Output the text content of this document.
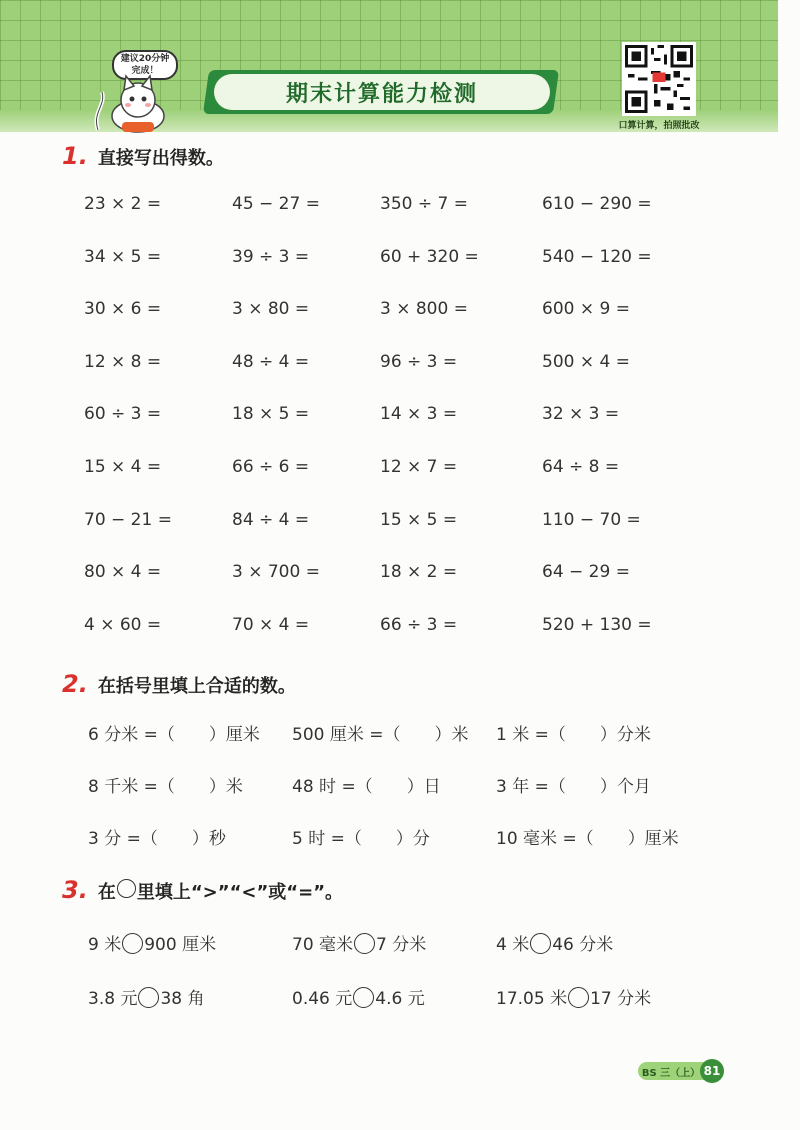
建议20分钟完成！
期末计算能力检测
口算计算，拍照批改
1. 直接写出得数。
23 × 2 =	45 − 27 =	350 ÷ 7 =	610 − 290 =
34 × 5 =	39 ÷ 3 =	60 + 320 =	540 − 120 =
30 × 6 =	3 × 80 =	3 × 800 =	600 × 9 =
12 × 8 =	48 ÷ 4 =	96 ÷ 3 =	500 × 4 =
60 ÷ 3 =	18 × 5 =	14 × 3 =	32 × 3 =
15 × 4 =	66 ÷ 6 =	12 × 7 =	64 ÷ 8 =
70 − 21 =	84 ÷ 4 =	15 × 5 =	110 − 70 =
80 × 4 =	3 × 700 =	18 × 2 =	64 − 29 =
4 × 60 =	70 × 4 =	66 ÷ 3 =	520 + 130 =
2. 在括号里填上合适的数。
6 分米 =（ ）厘米 500 厘米 =（ ）米 1 米 =（ ）分米
8 千米 =（ ）米	48 时 =（ ）日	3 年 =（ ）个月
3 分 =（ ）秒	5 时 =（ ）分	10 毫米 =（ ）厘米
3. 在 里填上“>”“<”或“=”。
9 米 900 厘米	70 毫米 7 分米	4 米 46 分米
3.8 元 38 角	0.46 元 4.6 元	17.05 米 17 分米
BS 三（上） 81
